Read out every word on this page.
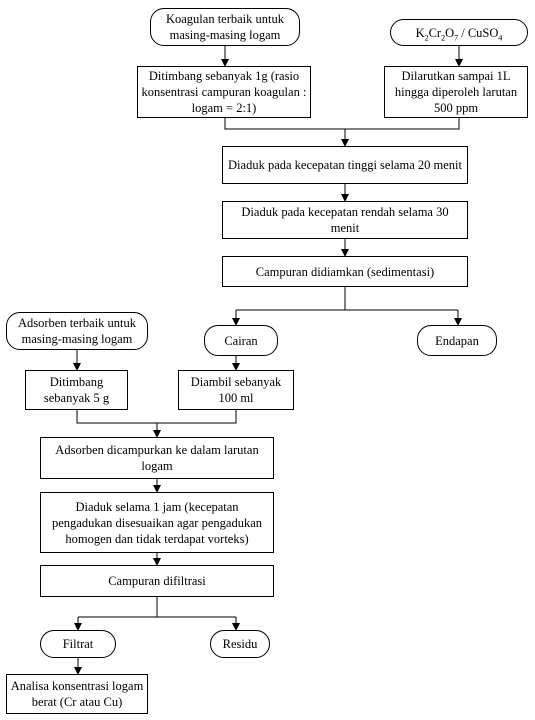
Koagulan terbaik untuk masing-masing logam	$K_2Cr_2O_7$ / CuSO$_4$
Ditimbang sebanyak 1g (rasio konsentrasi campuran koagulan : logam = 2:1)
Dilarutkan sampai 1L hingga diperoleh larutan 500 ppm
Diaduk pada kecepatan tinggi selama 20 menit
Diaduk pada kecepatan rendah selama 30 menit
Campuran didiamkan (sedimentasi)
Adsorben terbaik untuk masing-masing logam	Cairan	Endapan
Ditimbang sebanyak 5 g
Diambil sebanyak 100 ml
Adsorben dicampurkan ke dalam larutan logam
Diaduk selama 1 jam (kecepatan pengadukan disesuaikan agar pengadukan homogen dan tidak terdapat vorteks)
Campuran difiltrasi
Filtrat	Residu
Analisa konsentrasi logam berat (Cr atau Cu)
